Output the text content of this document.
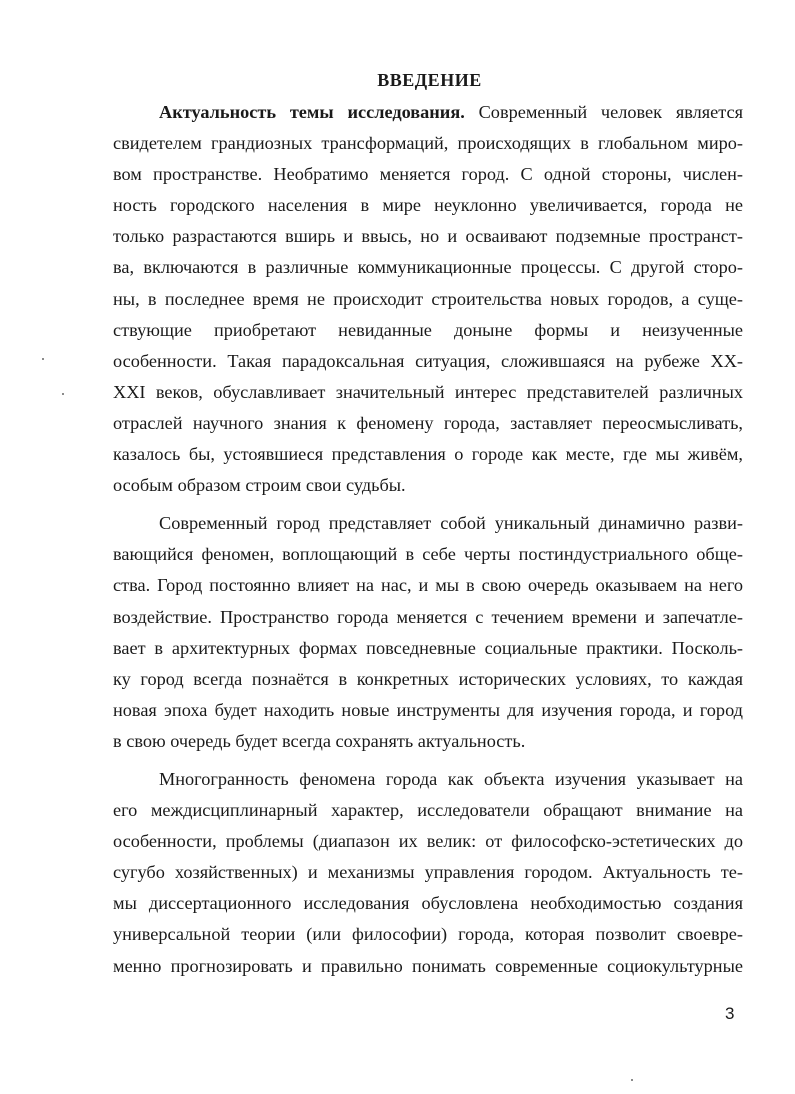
ВВЕДЕНИЕ
Актуальность темы исследования. Современный человек является
свидетелем грандиозных трансформаций, происходящих в глобальном миро-
вом пространстве. Необратимо меняется город. С одной стороны, числен-
ность городского населения в мире неуклонно увеличивается, города не
только разрастаются вширь и ввысь, но и осваивают подземные пространст-
ва, включаются в различные коммуникационные процессы. С другой сторо-
ны, в последнее время не происходит строительства новых городов, а суще-
ствующие приобретают невиданные доныне формы и неизученные
особенности. Такая парадоксальная ситуация, сложившаяся на рубеже XX-
XXI веков, обуславливает значительный интерес представителей различных
отраслей научного знания к феномену города, заставляет переосмысливать,
казалось бы, устоявшиеся представления о городе как месте, где мы живём,
особым образом строим свои судьбы.
Современный город представляет собой уникальный динамично разви-
вающийся феномен, воплощающий в себе черты постиндустриального обще-
ства. Город постоянно влияет на нас, и мы в свою очередь оказываем на него
воздействие. Пространство города меняется с течением времени и запечатле-
вает в архитектурных формах повседневные социальные практики. Посколь-
ку город всегда познаётся в конкретных исторических условиях, то каждая
новая эпоха будет находить новые инструменты для изучения города, и город
в свою очередь будет всегда сохранять актуальность.
Многогранность феномена города как объекта изучения указывает на
его междисциплинарный характер, исследователи обращают внимание на
особенности, проблемы (диапазон их велик: от философско-эстетических до
сугубо хозяйственных) и механизмы управления городом. Актуальность те-
мы диссертационного исследования обусловлена необходимостью создания
универсальной теории (или философии) города, которая позволит своевре-
менно прогнозировать и правильно понимать современные социокультурные
3
